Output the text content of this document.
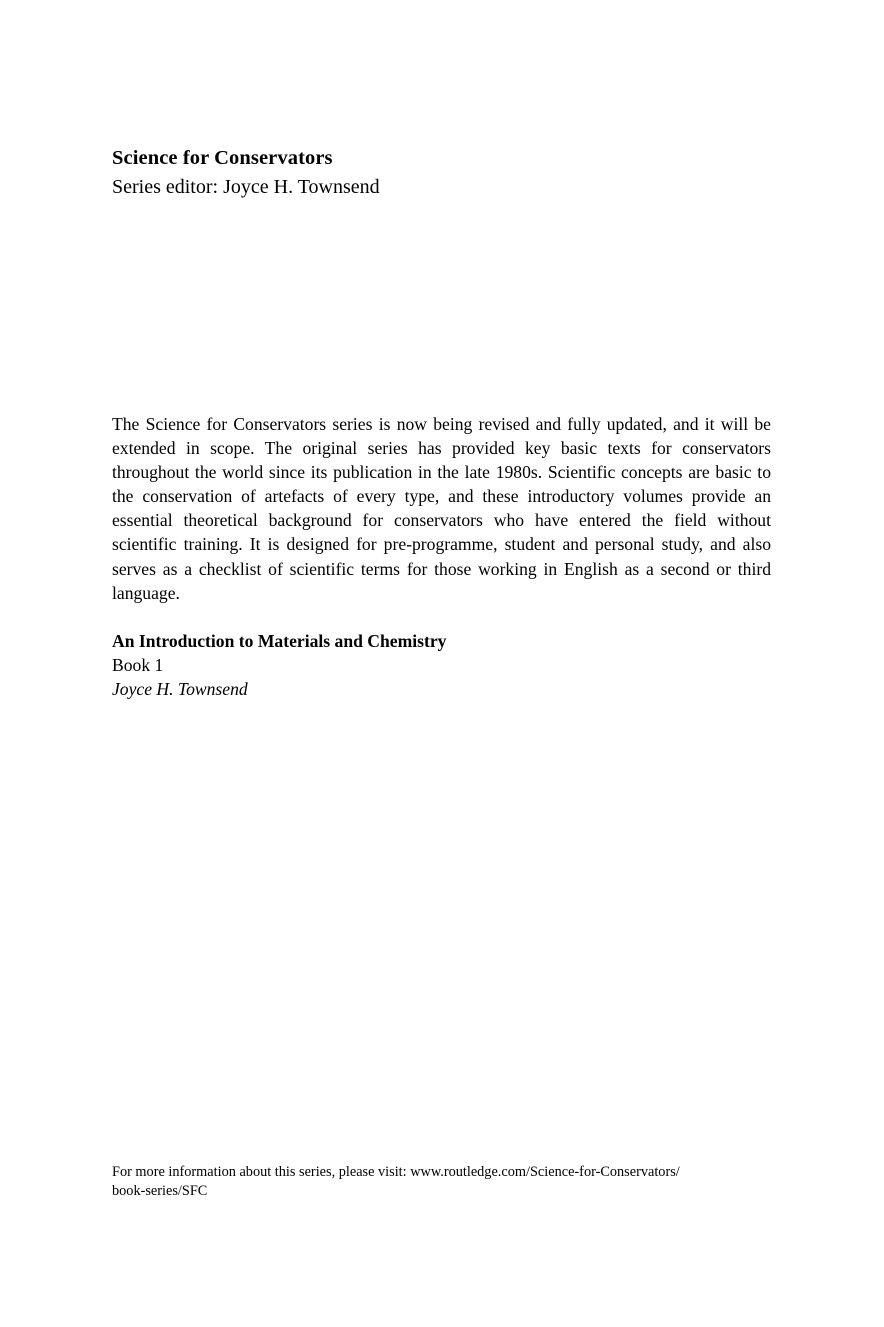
Science for Conservators
Series editor: Joyce H. Townsend
The Science for Conservators series is now being revised and fully updated, and it will be extended in scope. The original series has provided key basic texts for conservators throughout the world since its publication in the late 1980s. Scientific concepts are basic to the conservation of artefacts of every type, and these introductory volumes provide an essential theoretical background for conservators who have entered the field without scientific training. It is designed for pre-programme, student and personal study, and also serves as a checklist of scientific terms for those working in English as a second or third language.
An Introduction to Materials and Chemistry
Book 1
Joyce H. Townsend
For more information about this series, please visit: www.routledge.com/Science-for-Conservators/
book-series/SFC
